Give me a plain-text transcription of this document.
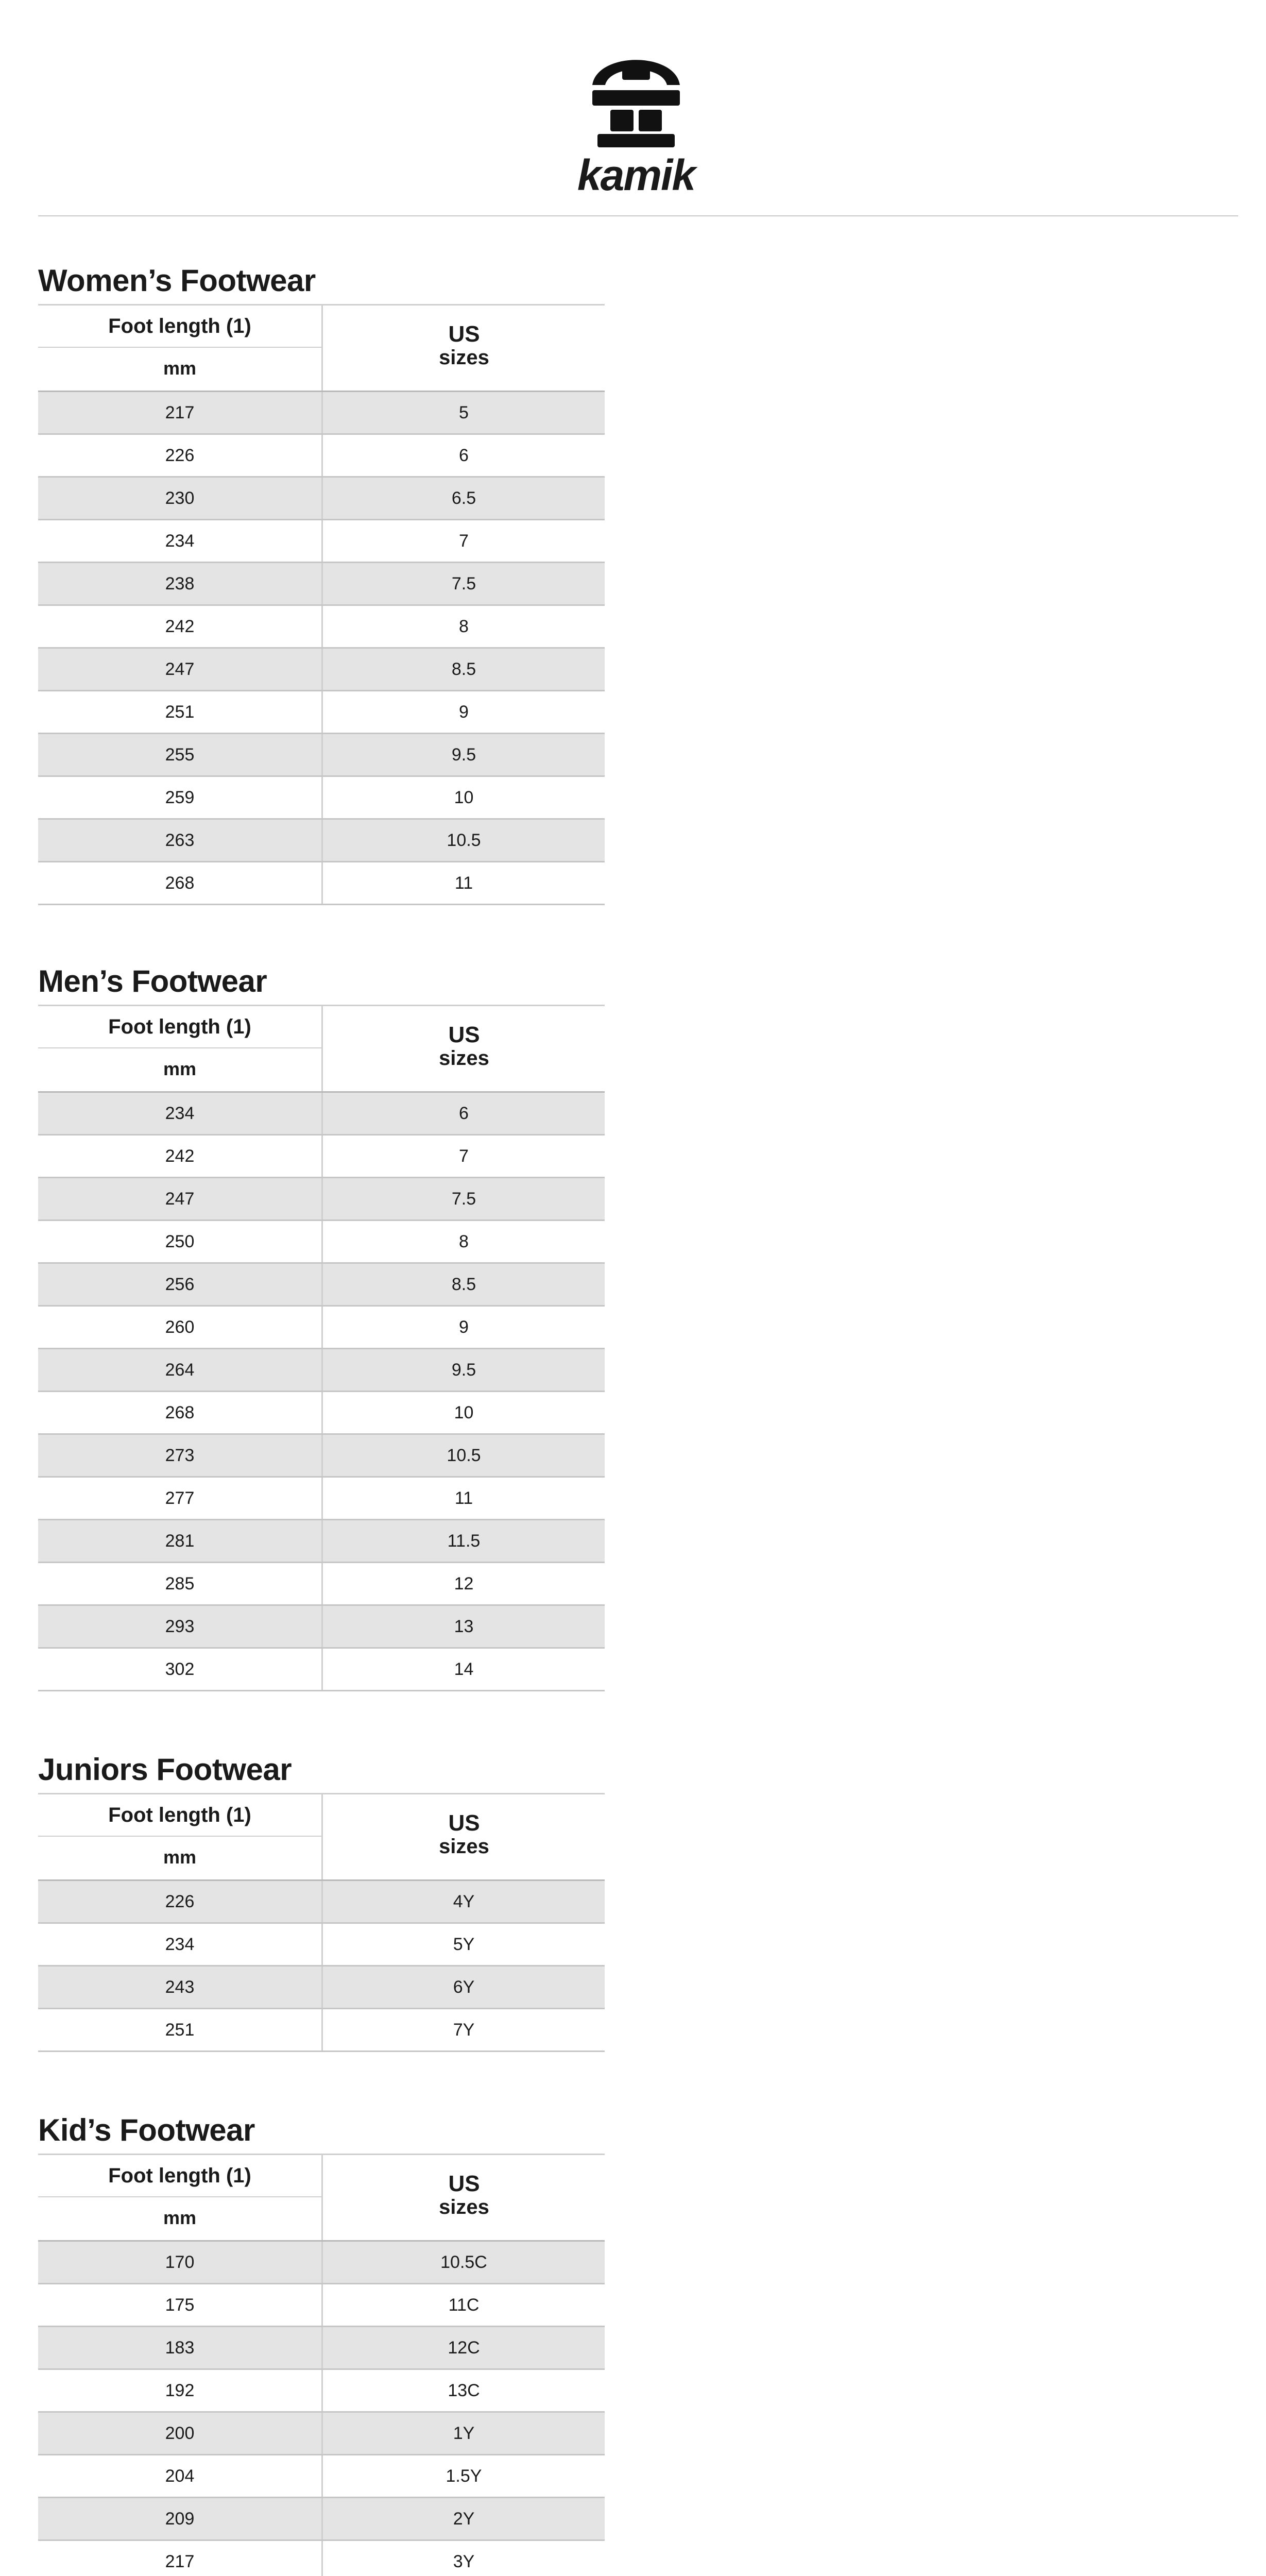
kamik
Women’s Footwear
Foot length (1)
mm
US
sizes
217	5
226	6
230	6.5
234	7
238	7.5
242	8
247	8.5
251	9
255	9.5
259	10
263	10.5
268	11
Men’s Footwear
Foot length (1)
mm
US
sizes
234	6
242	7
247	7.5
250	8
256	8.5
260	9
264	9.5
268	10
273	10.5
277	11
281	11.5
285	12
293	13
302	14
Juniors Footwear
Foot length (1)
mm
US
sizes
226	4Y
234	5Y
243	6Y
251	7Y
Kid’s Footwear
Foot length (1)
mm
US
sizes
170	10.5C
175	11C
183	12C
192	13C
200	1Y
204	1.5Y
209	2Y
217	3Y
